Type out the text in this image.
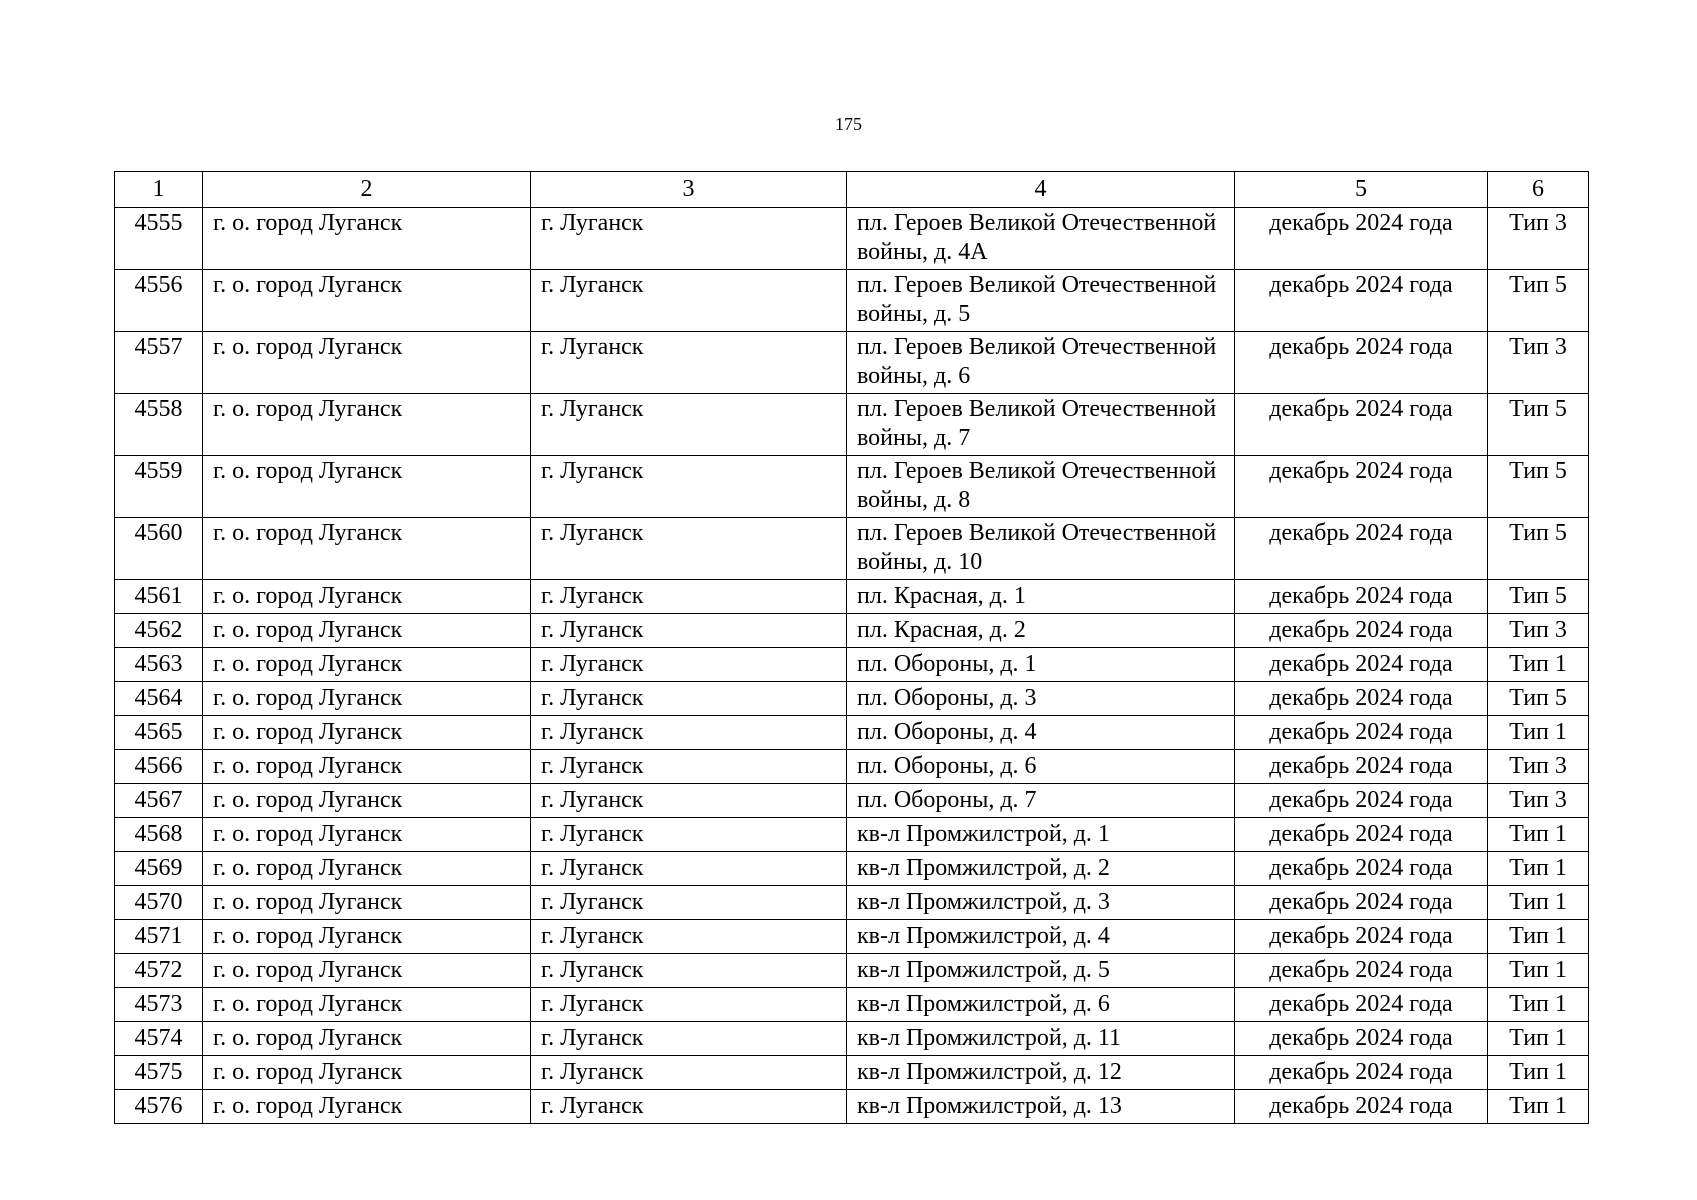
175
1	2	3	4	5	6
4555	г. о. город Луганск	г. Луганск	пл. Героев Великой Отечественной войны, д. 4А	декабрь 2024 года	Тип 3
4556	г. о. город Луганск	г. Луганск	пл. Героев Великой Отечественной войны, д. 5	декабрь 2024 года	Тип 5
4557	г. о. город Луганск	г. Луганск	пл. Героев Великой Отечественной войны, д. 6	декабрь 2024 года	Тип 3
4558	г. о. город Луганск	г. Луганск	пл. Героев Великой Отечественной войны, д. 7	декабрь 2024 года	Тип 5
4559	г. о. город Луганск	г. Луганск	пл. Героев Великой Отечественной войны, д. 8	декабрь 2024 года	Тип 5
4560	г. о. город Луганск	г. Луганск	пл. Героев Великой Отечественной войны, д. 10	декабрь 2024 года	Тип 5
4561	г. о. город Луганск	г. Луганск	пл. Красная, д. 1	декабрь 2024 года	Тип 5
4562	г. о. город Луганск	г. Луганск	пл. Красная, д. 2	декабрь 2024 года	Тип 3
4563	г. о. город Луганск	г. Луганск	пл. Обороны, д. 1	декабрь 2024 года	Тип 1
4564	г. о. город Луганск	г. Луганск	пл. Обороны, д. 3	декабрь 2024 года	Тип 5
4565	г. о. город Луганск	г. Луганск	пл. Обороны, д. 4	декабрь 2024 года	Тип 1
4566	г. о. город Луганск	г. Луганск	пл. Обороны, д. 6	декабрь 2024 года	Тип 3
4567	г. о. город Луганск	г. Луганск	пл. Обороны, д. 7	декабрь 2024 года	Тип 3
4568	г. о. город Луганск	г. Луганск	кв-л Промжилстрой, д. 1	декабрь 2024 года	Тип 1
4569	г. о. город Луганск	г. Луганск	кв-л Промжилстрой, д. 2	декабрь 2024 года	Тип 1
4570	г. о. город Луганск	г. Луганск	кв-л Промжилстрой, д. 3	декабрь 2024 года	Тип 1
4571	г. о. город Луганск	г. Луганск	кв-л Промжилстрой, д. 4	декабрь 2024 года	Тип 1
4572	г. о. город Луганск	г. Луганск	кв-л Промжилстрой, д. 5	декабрь 2024 года	Тип 1
4573	г. о. город Луганск	г. Луганск	кв-л Промжилстрой, д. 6	декабрь 2024 года	Тип 1
4574	г. о. город Луганск	г. Луганск	кв-л Промжилстрой, д. 11	декабрь 2024 года	Тип 1
4575	г. о. город Луганск	г. Луганск	кв-л Промжилстрой, д. 12	декабрь 2024 года	Тип 1
4576	г. о. город Луганск	г. Луганск	кв-л Промжилстрой, д. 13	декабрь 2024 года	Тип 1
